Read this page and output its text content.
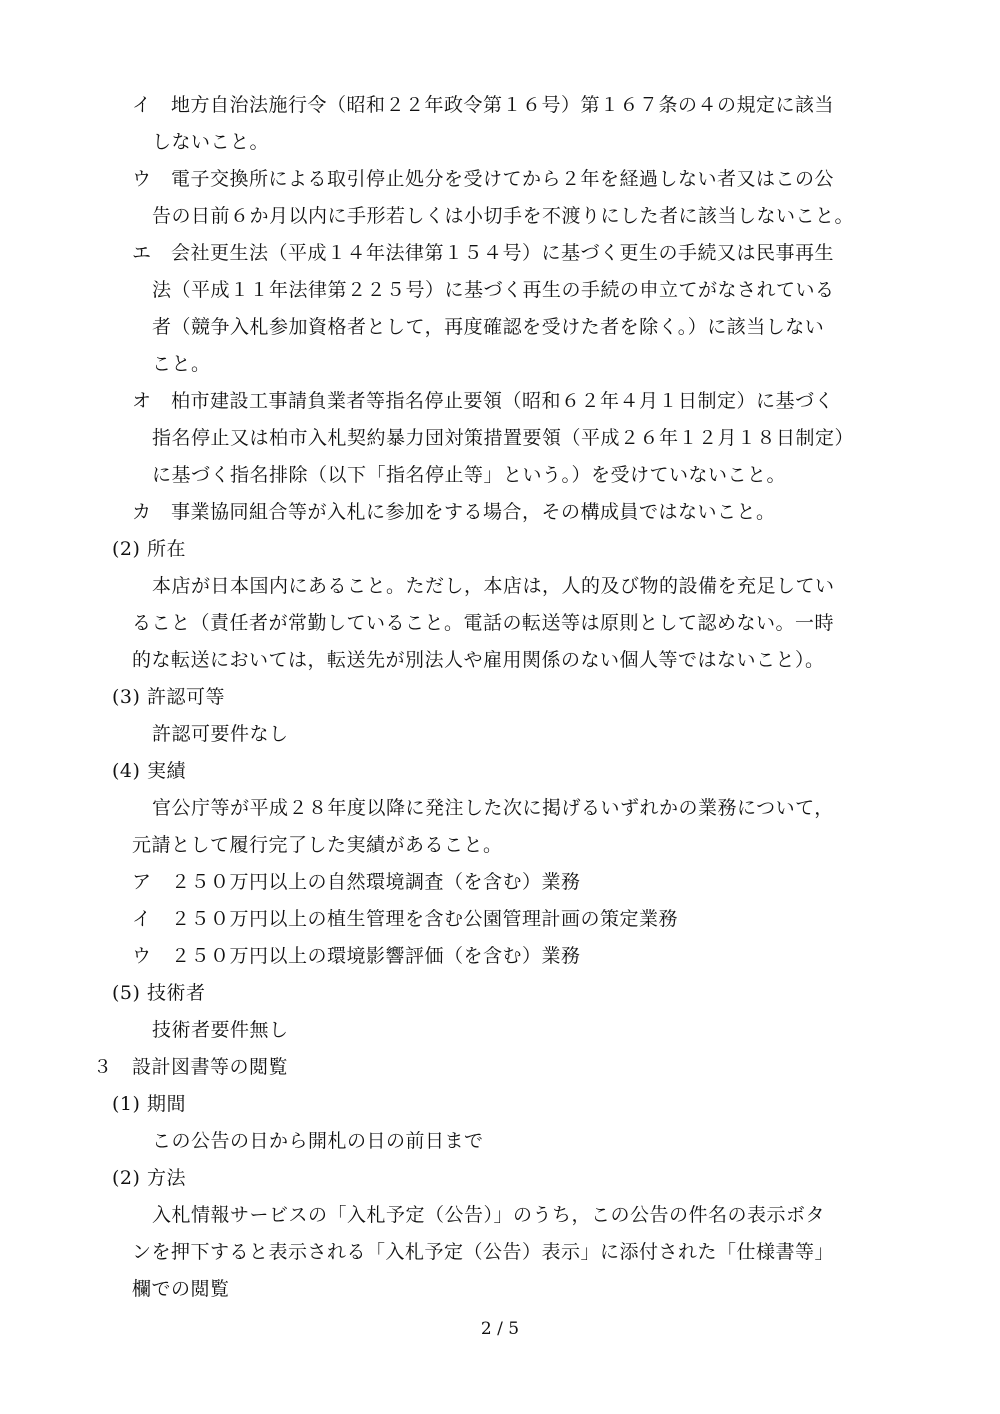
イ　地方自治法施行令（昭和２２年政令第１６号）第１６７条の４の規定に該当
しないこと。
ウ　電子交換所による取引停止処分を受けてから２年を経過しない者又はこの公
告の日前６か月以内に手形若しくは小切手を不渡りにした者に該当しないこと。
エ　会社更生法（平成１４年法律第１５４号）に基づく更生の手続又は民事再生
法（平成１１年法律第２２５号）に基づく再生の手続の申立てがなされている
者（競争入札参加資格者として，再度確認を受けた者を除く。）に該当しない
こと。
オ　柏市建設工事請負業者等指名停止要領（昭和６２年４月１日制定）に基づく
指名停止又は柏市入札契約暴力団対策措置要領（平成２６年１２月１８日制定）
に基づく指名排除（以下「指名停止等」という。）を受けていないこと。
カ　事業協同組合等が入札に参加をする場合，その構成員ではないこと。
(2) 所在
本店が日本国内にあること。ただし，本店は，人的及び物的設備を充足してい
ること（責任者が常勤していること。電話の転送等は原則として認めない。一時
的な転送においては，転送先が別法人や雇用関係のない個人等ではないこと）。
(3) 許認可等
許認可要件なし
(4) 実績
官公庁等が平成２８年度以降に発注した次に掲げるいずれかの業務について，
元請として履行完了した実績があること。
ア　２５０万円以上の自然環境調査（を含む）業務
イ　２５０万円以上の植生管理を含む公園管理計画の策定業務
ウ　２５０万円以上の環境影響評価（を含む）業務
(5) 技術者
技術者要件無し
３　設計図書等の閲覧
(1) 期間
この公告の日から開札の日の前日まで
(2) 方法
入札情報サービスの「入札予定（公告）」のうち，この公告の件名の表示ボタ
ンを押下すると表示される「入札予定（公告）表示」に添付された「仕様書等」
欄での閲覧
2 / 5
